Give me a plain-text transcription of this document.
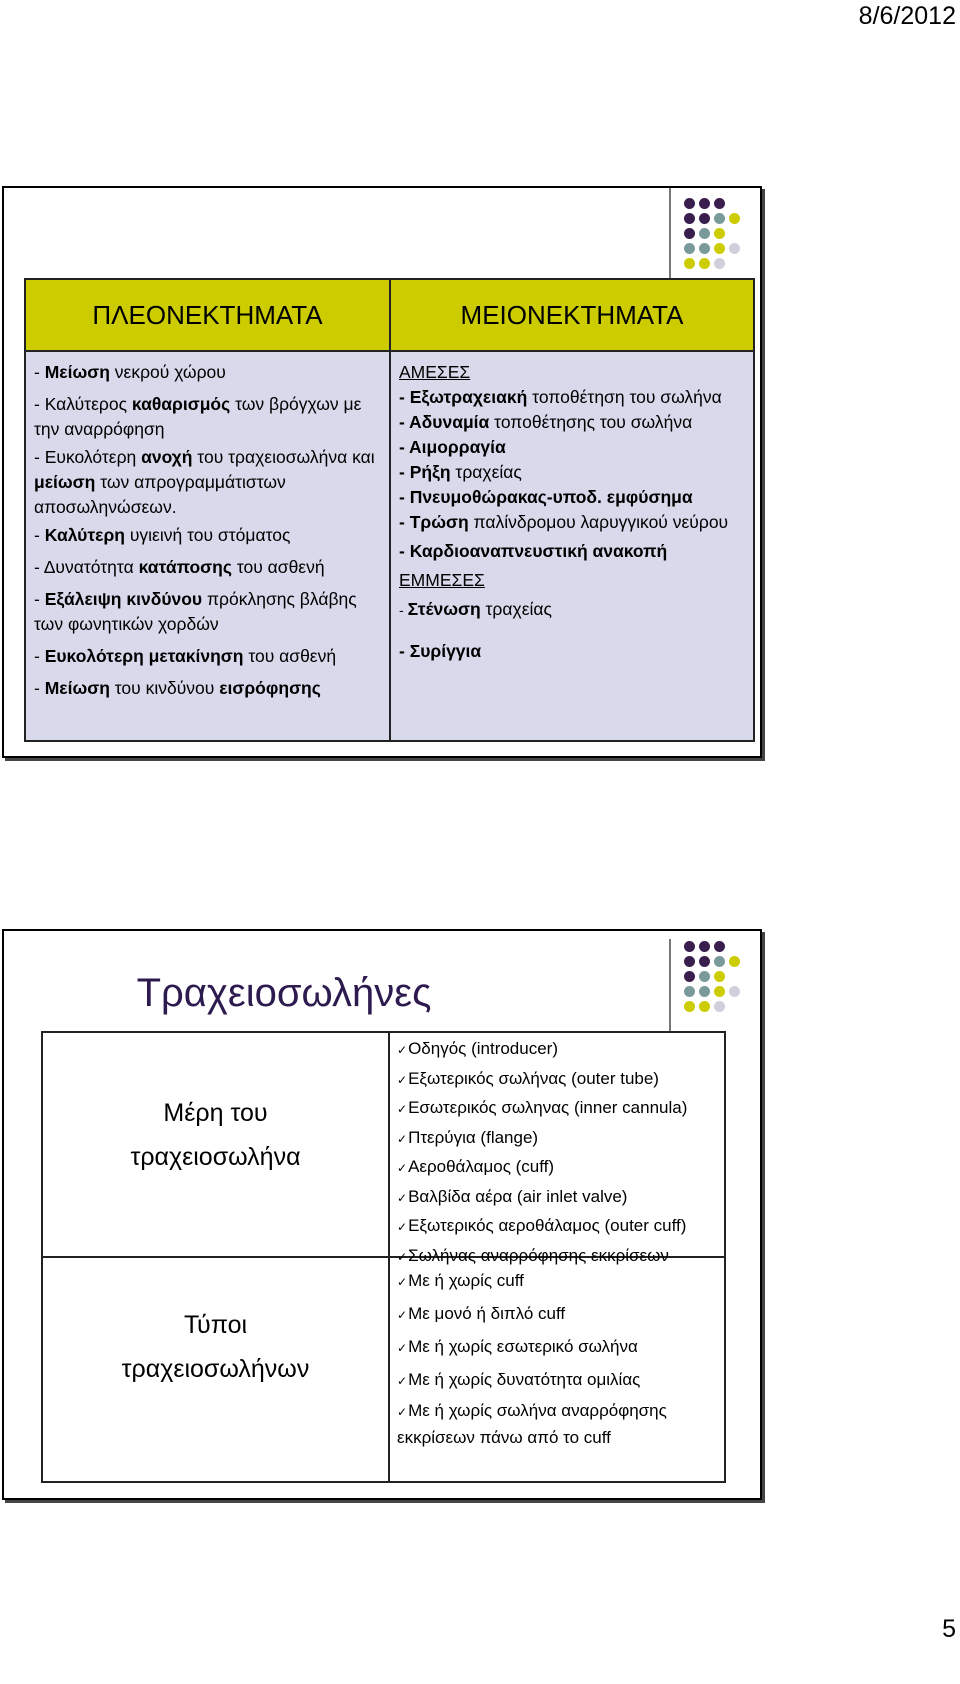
8/6/2012
ΠΛΕΟΝΕΚΤΗΜΑΤΑ	ΜΕΙΟΝΕΚΤΗΜΑΤΑ
- Μείωση νεκρού χώρου
- Καλύτερος καθαρισμός των βρόγχων με την αναρρόφηση
- Ευκολότερη ανοχή του τραχειοσωλήνα και μείωση των απρογραμμάτιστων αποσωληνώσεων.
- Καλύτερη υγιεινή του στόματος
- Δυνατότητα κατάποσης του ασθενή
- Εξάλειψη κινδύνου πρόκλησης βλάβης των φωνητικών χορδών
- Ευκολότερη μετακίνηση του ασθενή
- Μείωση του κινδύνου εισρόφησης
ΑΜΕΣΕΣ
- Εξωτραχειακή τοποθέτηση του σωλήνα
- Αδυναμία τοποθέτησης του σωλήνα
- Αιμορραγία
- Ρήξη τραχείας
- Πνευμοθώρακας-υποδ. εμφύσημα
- Τρώση παλίνδρομου λαρυγγικού νεύρου
- Καρδιοαναπνευστική ανακοπή
ΕΜΜΕΣΕΣ
- Στένωση τραχείας
- Συρίγγια
Τραχειοσωλήνες
Μέρη του
τραχειοσωλήνα
Τύποι
τραχειοσωλήνων
✓Οδηγός (introducer)
✓Εξωτερικός σωλήνας (outer tube)
✓Εσωτερικός σωληνας (inner cannula)
✓Πτερύγια (flange)
✓Αεροθάλαμος (cuff)
✓Βαλβίδα αέρα (air inlet valve)
✓Εξωτερικός αεροθάλαμος (outer cuff)
✓Σωλήνας αναρρόφησης εκκρίσεων
✓Με ή χωρίς cuff
✓Με μονό ή διπλό cuff
✓Με ή χωρίς εσωτερικό σωλήνα
✓Με ή χωρίς δυνατότητα ομιλίας
✓Με ή χωρίς σωλήνα αναρρόφησης
εκκρίσεων πάνω από το cuff
5
